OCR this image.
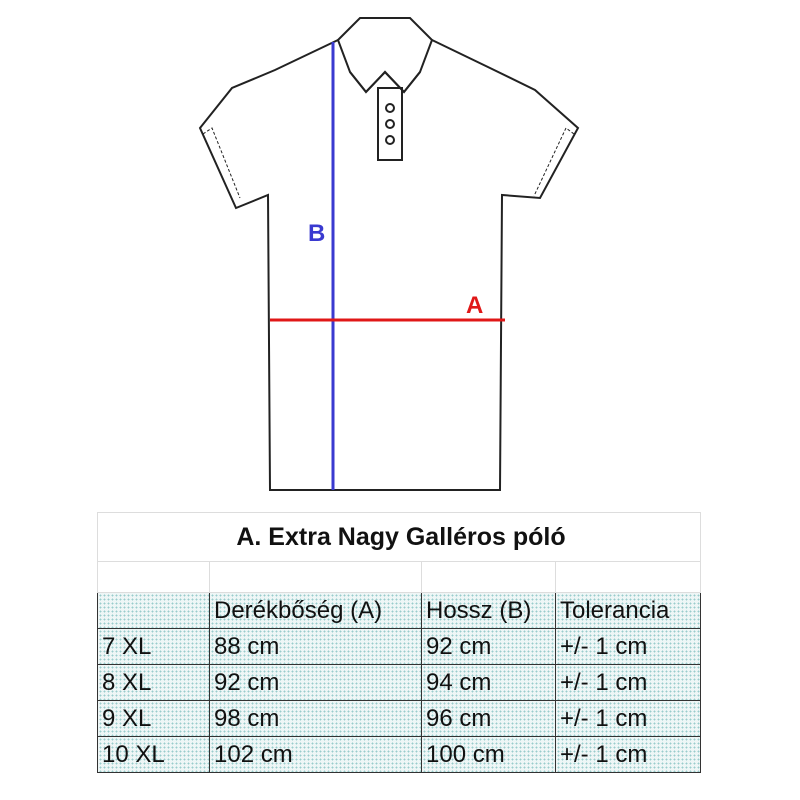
B
A
A. Extra Nagy Galléros póló			

	Derékbőség (A)	Hossz (B)	Tolerancia
7 XL	88 cm	92 cm	+/- 1 cm
8 XL	92 cm	94 cm	+/- 1 cm
9 XL	98 cm	96 cm	+/- 1 cm
10 XL	102 cm	100 cm	+/- 1 cm
